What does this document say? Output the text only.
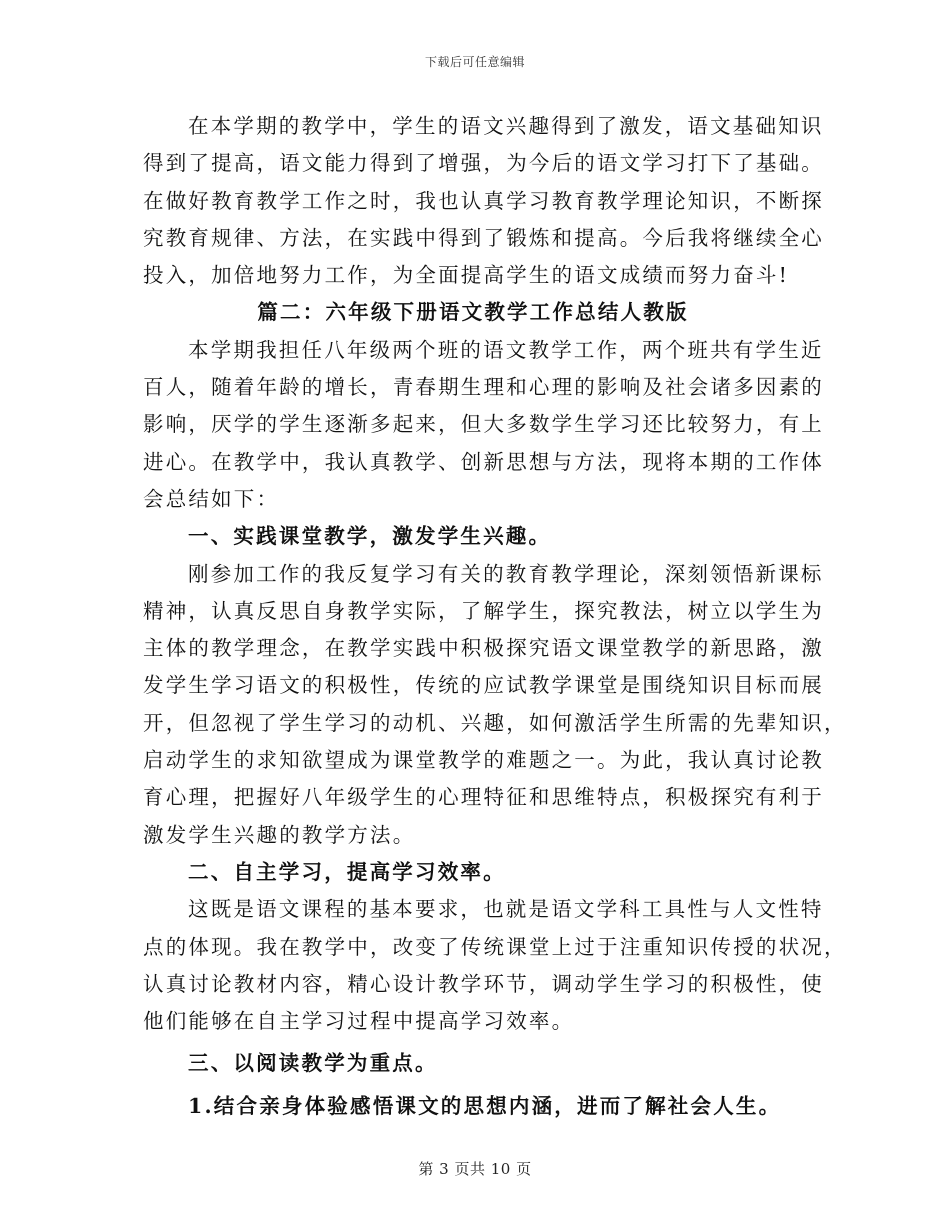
下载后可任意编辑
在本学期的教学中，学生的语文兴趣得到了激发，语文基础知识
得到了提高，语文能力得到了增强，为今后的语文学习打下了基础。
在做好教育教学工作之时，我也认真学习教育教学理论知识，不断探
究教育规律、方法，在实践中得到了锻炼和提高。今后我将继续全心
投入，加倍地努力工作，为全面提高学生的语文成绩而努力奋斗!
篇二：六年级下册语文教学工作总结人教版
本学期我担任八年级两个班的语文教学工作，两个班共有学生近
百人，随着年龄的增长，青春期生理和心理的影响及社会诸多因素的
影响，厌学的学生逐渐多起来，但大多数学生学习还比较努力，有上
进心。在教学中，我认真教学、创新思想与方法，现将本期的工作体
会总结如下：
一、实践课堂教学，激发学生兴趣。
刚参加工作的我反复学习有关的教育教学理论，深刻领悟新课标
精神，认真反思自身教学实际，了解学生，探究教法，树立以学生为
主体的教学理念，在教学实践中积极探究语文课堂教学的新思路，激
发学生学习语文的积极性，传统的应试教学课堂是围绕知识目标而展
开，但忽视了学生学习的动机、兴趣，如何激活学生所需的先辈知识，
启动学生的求知欲望成为课堂教学的难题之一。为此，我认真讨论教
育心理，把握好八年级学生的心理特征和思维特点，积极探究有利于
激发学生兴趣的教学方法。
二、自主学习，提高学习效率。
这既是语文课程的基本要求，也就是语文学科工具性与人文性特
点的体现。我在教学中，改变了传统课堂上过于注重知识传授的状况，
认真讨论教材内容，精心设计教学环节，调动学生学习的积极性，使
他们能够在自主学习过程中提高学习效率。
三、以阅读教学为重点。
1.结合亲身体验感悟课文的思想内涵，进而了解社会人生。
第 3 页共 10 页
